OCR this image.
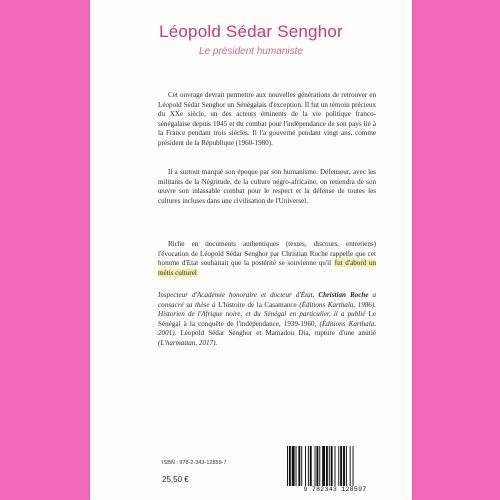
Léopold Sédar Senghor
Le président humaniste

Cet ouvrage devrait permettre aux nouvelles générations de retrouver en Léopold Sédar Senghor un Sénégalais d'exception. Il fut un témoin précieux du XXe siècle, un des acteurs éminents de la vie politique franco-sénégalaise depuis 1945 et du combat pour l'indépendance de son pays lié à la France pendant trois siècles. Il l'a gouverné pendant vingt ans, comme président de la République (1960-1980).

Il a surtout marqué son époque par son humanisme. Défenseur, avec les militants de la Négritude, de la culture négro-africaine, on retiendra de son œuvre son inlassable combat pour le respect et la défense de toutes les cultures incluses dans une civilisation de l'Universel.

Riche en documents authentiques (textes, discours, entretiens) l'évocation de Léopold Sédar Senghor par Christian Roche rappelle que cet homme d'Etat souhaitait que la postérité se souvienne qu'il fut d'abord un métis culturel

Inspecteur d'Académie honoraire et docteur d'État, Christian Roche a consacré sa thèse à L'histoire de la Casamance (Éditions Karthala, 1986). Historien de l'Afrique noire, et du Sénégal en particulier, il a publié Le Sénégal à la conquête de l'indépendance, 1939-1960, (Éditions Karthala, 2001). Léopold Sédar Senghor et Mamadou Dia, rupture d'une amitié (L'harmattan, 2017).

ISBN : 978-2-343-12859-7
25,50 €
9 782343 128597
